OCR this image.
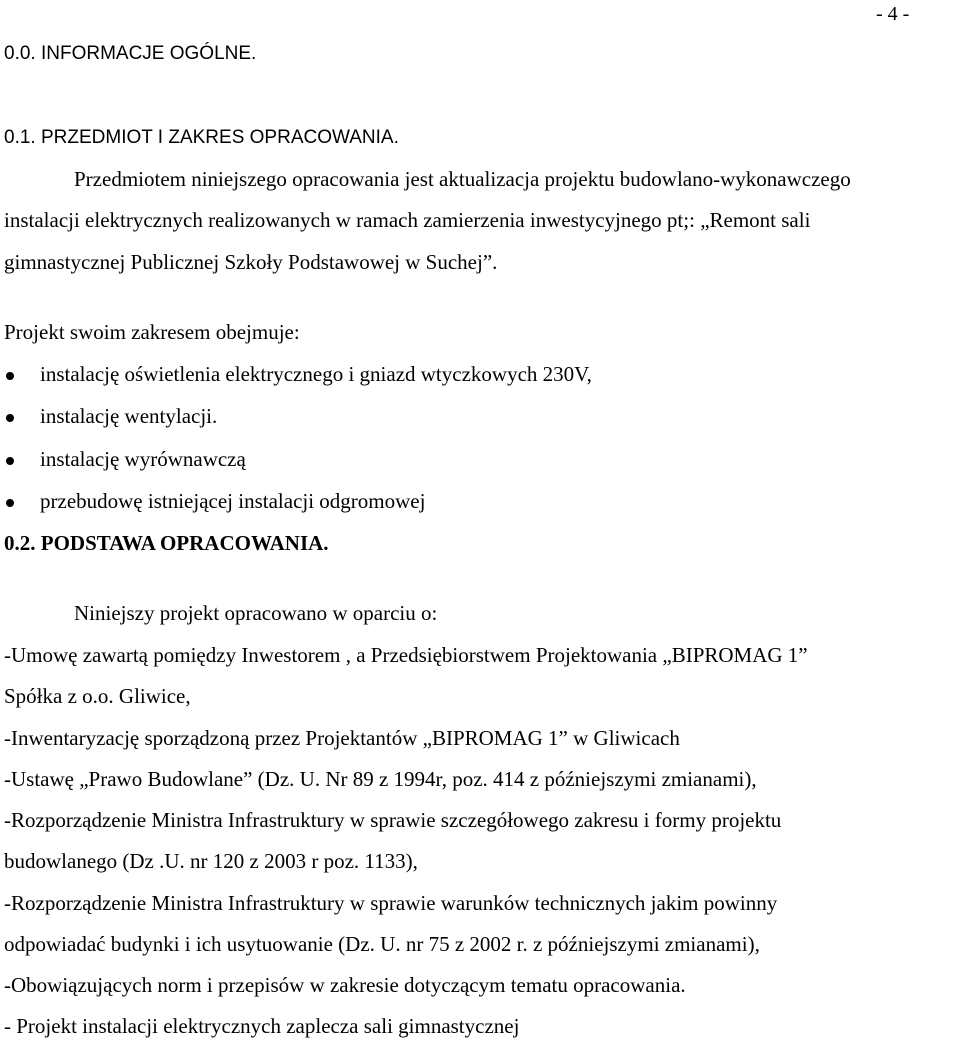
- 4 -
0.0. INFORMACJE OGÓLNE.
0.1. PRZEDMIOT I ZAKRES OPRACOWANIA.
Przedmiotem niniejszego opracowania jest aktualizacja projektu budowlano-wykonawczego
instalacji elektrycznych realizowanych w ramach zamierzenia inwestycyjnego pt;: „Remont sali
gimnastycznej Publicznej Szkoły Podstawowej w Suchej”.
Projekt swoim zakresem obejmuje:
instalację oświetlenia elektrycznego i gniazd wtyczkowych 230V,
instalację wentylacji.
instalację wyrównawczą
przebudowę istniejącej instalacji odgromowej
0.2. PODSTAWA OPRACOWANIA.
Niniejszy projekt opracowano w oparciu o:
-Umowę zawartą pomiędzy Inwestorem , a Przedsiębiorstwem Projektowania „BIPROMAG 1”
Spółka z o.o. Gliwice,
-Inwentaryzację sporządzoną przez Projektantów „BIPROMAG 1” w Gliwicach
-Ustawę „Prawo Budowlane” (Dz. U. Nr 89 z 1994r, poz. 414 z późniejszymi zmianami),
-Rozporządzenie Ministra Infrastruktury w sprawie szczegółowego zakresu i formy projektu
budowlanego (Dz .U. nr 120 z 2003 r poz. 1133),
-Rozporządzenie Ministra Infrastruktury w sprawie warunków technicznych jakim powinny
odpowiadać budynki i ich usytuowanie (Dz. U. nr 75 z 2002 r. z późniejszymi zmianami),
-Obowiązujących norm i przepisów w zakresie dotyczącym tematu opracowania.
- Projekt instalacji elektrycznych zaplecza sali gimnastycznej
